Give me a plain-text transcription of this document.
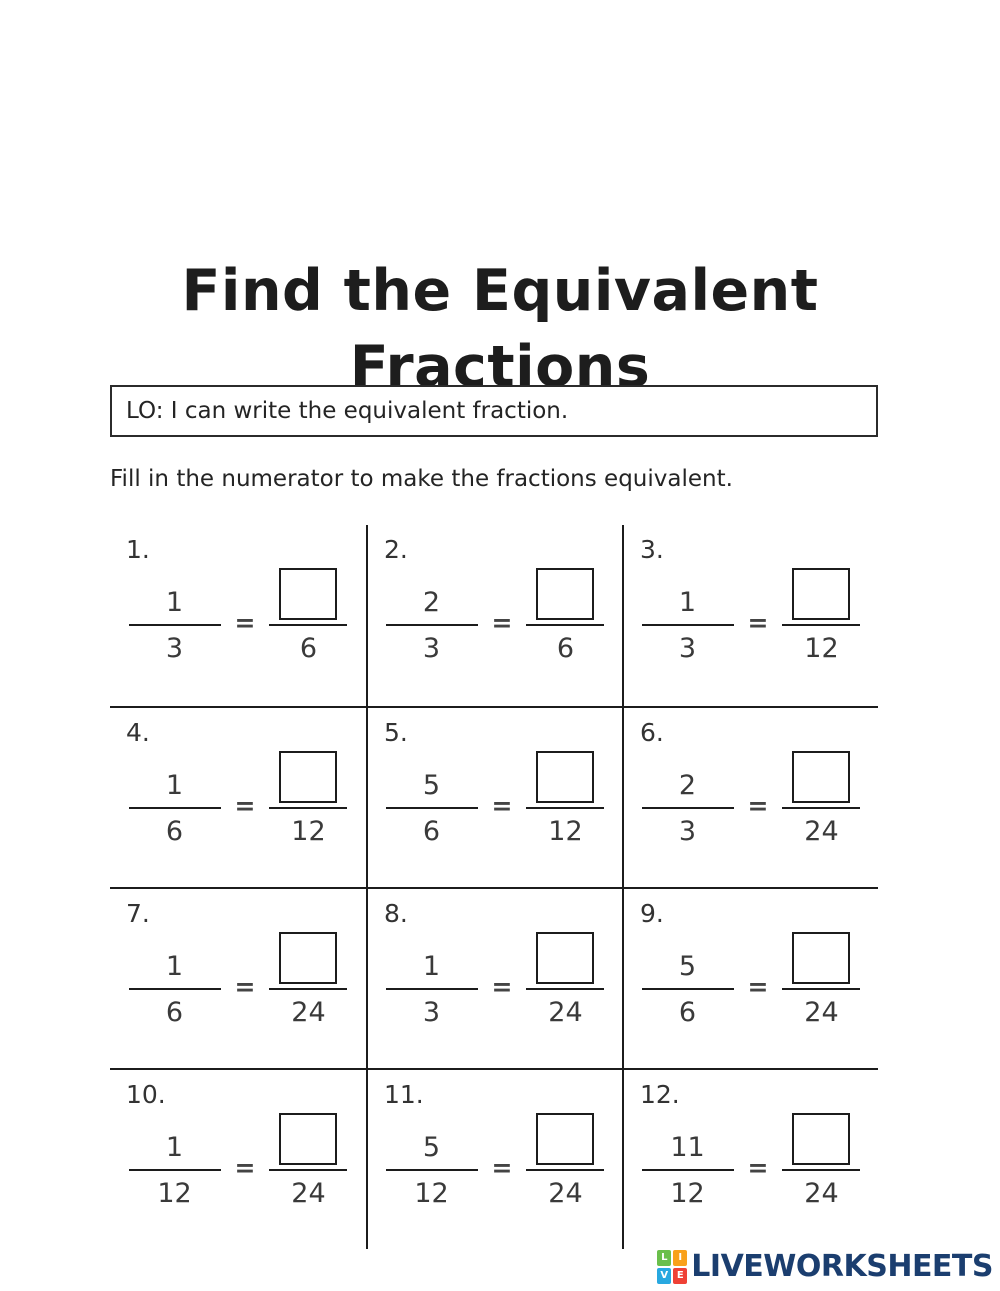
Find the Equivalent
Fractions
LO: I can write the equivalent fraction.
Fill in the numerator to make the fractions equivalent.
1.
$\frac{1}{3}$ =
6
2.
$\frac{2}{3}$ =
6
3.
$\frac{1}{3}$ =
12
4.
$\frac{1}{6}$ =
12
5.
$\frac{5}{6}$ =
12
6.
$\frac{2}{3}$ =
24
7.
$\frac{1}{6}$ =
24
8.
$\frac{1}{3}$ =
24
9.
$\frac{5}{6}$ =
24
10.
$\frac{1}{12}$ =
24
11.
$\frac{5}{12}$ =
24
12.
$\frac{11}{12}$ =
24
L	I
V E LIVEWORKSHEETS
